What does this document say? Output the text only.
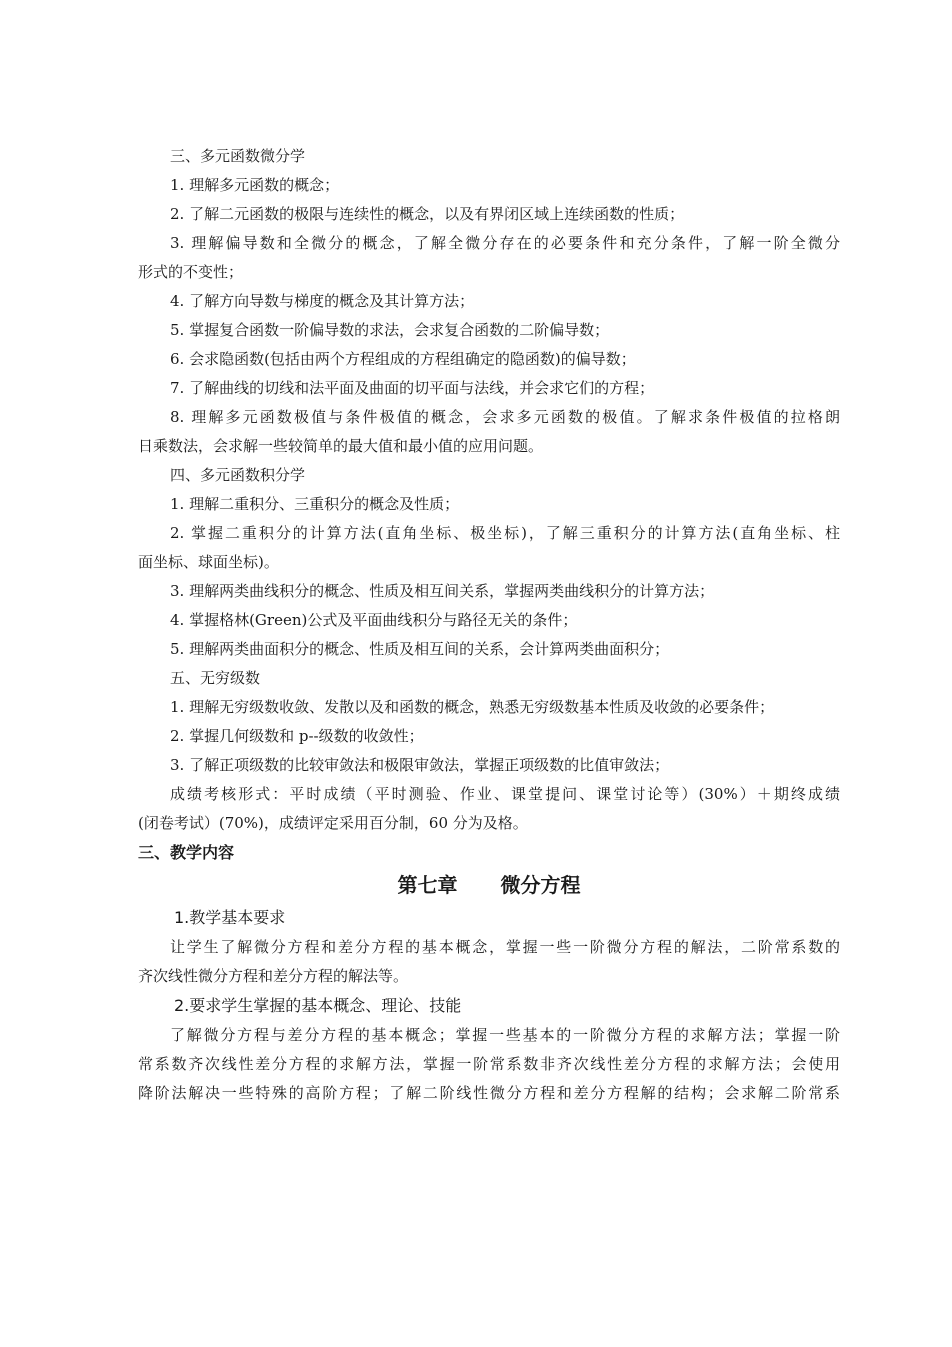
三、多元函数微分学
1. 理解多元函数的概念；
2. 了解二元函数的极限与连续性的概念，以及有界闭区域上连续函数的性质；
3. 理解偏导数和全微分的概念，了解全微分存在的必要条件和充分条件，了解一阶全微分
形式的不变性；
4. 了解方向导数与梯度的概念及其计算方法；
5. 掌握复合函数一阶偏导数的求法，会求复合函数的二阶偏导数；
6. 会求隐函数(包括由两个方程组成的方程组确定的隐函数)的偏导数；
7. 了解曲线的切线和法平面及曲面的切平面与法线，并会求它们的方程；
8. 理解多元函数极值与条件极值的概念，会求多元函数的极值。了解求条件极值的拉格朗
日乘数法，会求解一些较简单的最大值和最小值的应用问题。
四、多元函数积分学
1. 理解二重积分、三重积分的概念及性质；
2. 掌握二重积分的计算方法(直角坐标、极坐标)，了解三重积分的计算方法(直角坐标、柱
面坐标、球面坐标)。
3. 理解两类曲线积分的概念、性质及相互间关系，掌握两类曲线积分的计算方法；
4. 掌握格林(Green)公式及平面曲线积分与路径无关的条件；
5. 理解两类曲面积分的概念、性质及相互间的关系，会计算两类曲面积分；
五、无穷级数
1. 理解无穷级数收敛、发散以及和函数的概念，熟悉无穷级数基本性质及收敛的必要条件；
2. 掌握几何级数和 p--级数的收敛性；
3. 了解正项级数的比较审敛法和极限审敛法，掌握正项级数的比值审敛法；
成绩考核形式：平时成绩（平时测验、作业、课堂提问、课堂讨论等）(30%）＋期终成绩
(闭卷考试）(70%)，成绩评定采用百分制，60 分为及格。
三、教学内容
第七章 微分方程
1.教学基本要求
让学生了解微分方程和差分方程的基本概念，掌握一些一阶微分方程的解法，二阶常系数的
齐次线性微分方程和差分方程的解法等。
2.要求学生掌握的基本概念、理论、技能
了解微分方程与差分方程的基本概念；掌握一些基本的一阶微分方程的求解方法；掌握一阶
常系数齐次线性差分方程的求解方法，掌握一阶常系数非齐次线性差分方程的求解方法；会使用
降阶法解决一些特殊的高阶方程；了解二阶线性微分方程和差分方程解的结构；会求解二阶常系
